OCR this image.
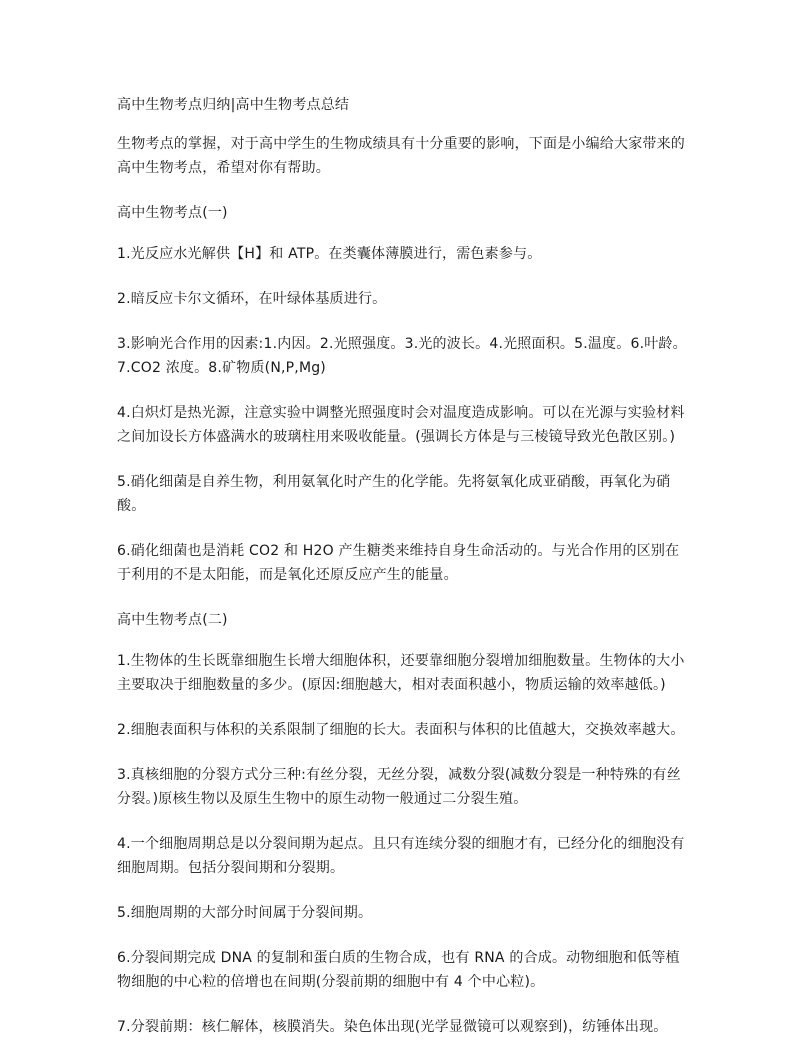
高中生物考点归纳|高中生物考点总结

生物考点的掌握，对于高中学生的生物成绩具有十分重要的影响，下面是小编给大家带来的高中生物考点，希望对你有帮助。

高中生物考点(一)

1.光反应水光解供【H】和 ATP。在类囊体薄膜进行，需色素参与。

2.暗反应卡尔文循环，在叶绿体基质进行。

3.影响光合作用的因素:1.内因。2.光照强度。3.光的波长。4.光照面积。5.温度。6.叶龄。7.CO2 浓度。8.矿物质(N,P,Mg)

4.白炽灯是热光源，注意实验中调整光照强度时会对温度造成影响。可以在光源与实验材料之间加设长方体盛满水的玻璃柱用来吸收能量。(强调长方体是与三棱镜导致光色散区别。)

5.硝化细菌是自养生物，利用氨氧化时产生的化学能。先将氨氧化成亚硝酸，再氧化为硝酸。

6.硝化细菌也是消耗 CO2 和 H2O 产生糖类来维持自身生命活动的。与光合作用的区别在于利用的不是太阳能，而是氧化还原反应产生的能量。

高中生物考点(二)

1.生物体的生长既靠细胞生长增大细胞体积，还要靠细胞分裂增加细胞数量。生物体的大小主要取决于细胞数量的多少。(原因:细胞越大，相对表面积越小，物质运输的效率越低。)

2.细胞表面积与体积的关系限制了细胞的长大。表面积与体积的比值越大，交换效率越大。

3.真核细胞的分裂方式分三种:有丝分裂，无丝分裂，减数分裂(减数分裂是一种特殊的有丝分裂。)原核生物以及原生生物中的原生动物一般通过二分裂生殖。

4.一个细胞周期总是以分裂间期为起点。且只有连续分裂的细胞才有，已经分化的细胞没有细胞周期。包括分裂间期和分裂期。

5.细胞周期的大部分时间属于分裂间期。

6.分裂间期完成 DNA 的复制和蛋白质的生物合成，也有 RNA 的合成。动物细胞和低等植物细胞的中心粒的倍增也在间期(分裂前期的细胞中有 4 个中心粒)。

7.分裂前期：核仁解体，核膜消失。染色体出现(光学显微镜可以观察到)，纺锤体出现。
